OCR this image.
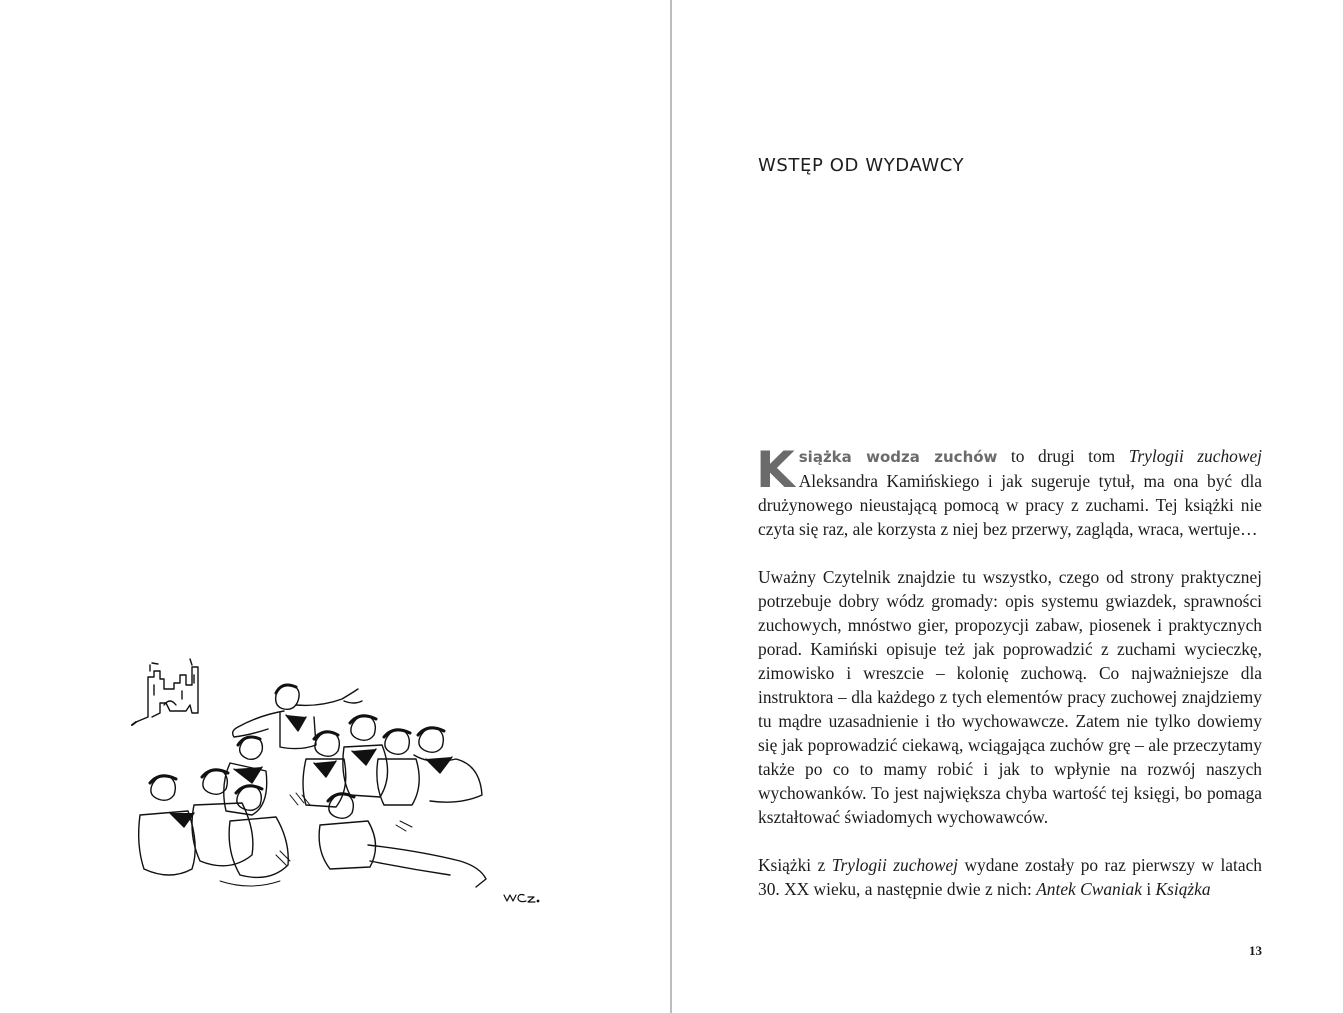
WSTĘP OD WYDAWCY

Książka wodza zuchów to drugi tom Trylogii zuchowej Aleksandra Kamińskiego i jak sugeruje tytuł, ma ona być dla drużynowego nieustającą pomocą w pracy z zuchami. Tej książki nie czyta się raz, ale korzysta z niej bez przerwy, zagląda, wraca, wertuje…

Uważny Czytelnik znajdzie tu wszystko, czego od strony praktycznej potrzebuje dobry wódz gromady: opis systemu gwiazdek, sprawności zuchowych, mnóstwo gier, propozycji zabaw, piosenek i praktycznych porad. Kamiński opisuje też jak poprowadzić z zuchami wycieczkę, zimowisko i wreszcie – kolonię zuchową. Co najważniejsze dla instruktora – dla każdego z tych elementów pracy zuchowej znajdziemy tu mądre uzasadnienie i tło wychowawcze. Zatem nie tylko dowiemy się jak poprowadzić ciekawą, wciągająca zuchów grę – ale przeczytamy także po co to mamy robić i jak to wpłynie na rozwój naszych wychowanków. To jest największa chyba wartość tej księgi, bo pomaga kształtować świadomych wychowawców.

Książki z Trylogii zuchowej wydane zostały po raz pierwszy w latach 30. XX wieku, a następnie dwie z nich: Antek Cwaniak i Książka

13
